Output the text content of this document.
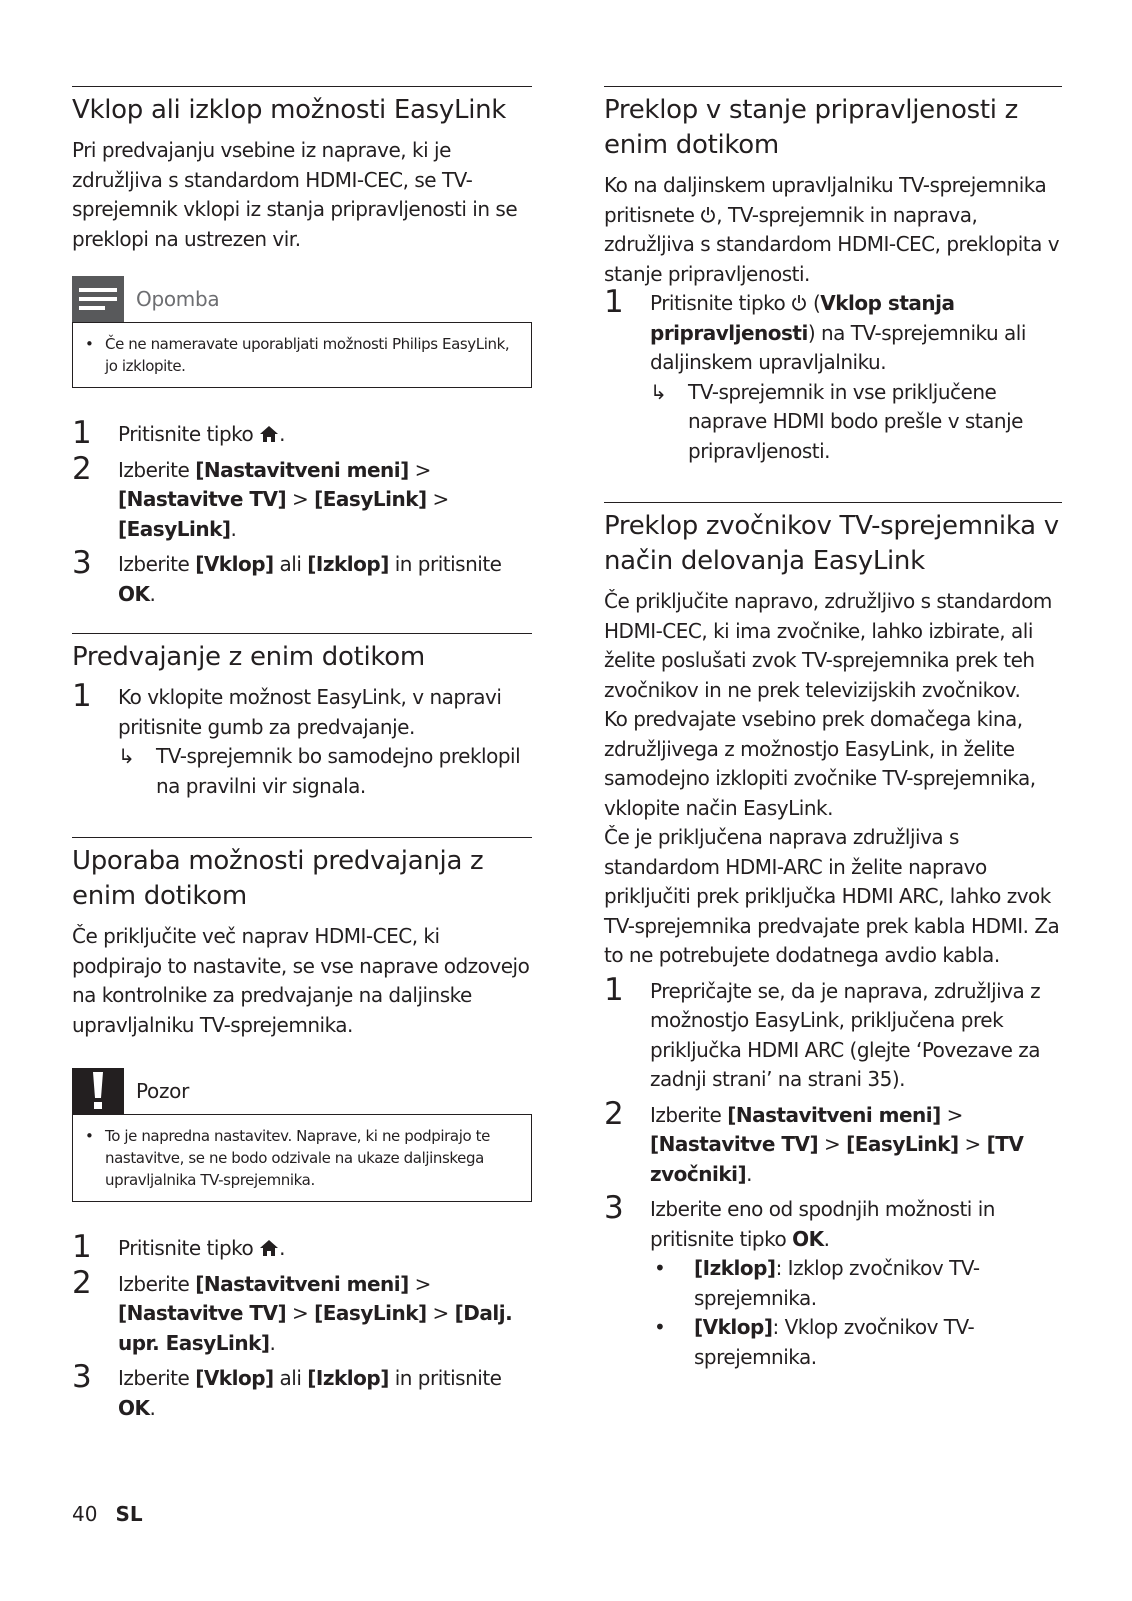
Vklop ali izklop možnosti EasyLink

Pri predvajanju vsebine iz naprave, ki je združljiva s standardom HDMI-CEC, se TV-sprejemnik vklopi iz stanja pripravljenosti in se preklopi na ustrezen vir.

Opomba
• Če ne nameravate uporabljati možnosti Philips EasyLink, jo izklopite.
1 Pritisnite tipko .
2 Izberite [Nastavitveni meni] > [Nastavitve TV] > [EasyLink] > [EasyLink].
3 Izberite [Vklop] ali [Izklop] in pritisnite OK.
Predvajanje z enim dotikom
1 Ko vklopite možnost EasyLink, v napravi pritisnite gumb za predvajanje.
↳ TV-sprejemnik bo samodejno preklopil na pravilni vir signala.
Uporaba možnosti predvajanja z enim dotikom

Če priključite več naprav HDMI-CEC, ki podpirajo to nastavite, se vse naprave odzovejo na kontrolnike za predvajanje na daljinske upravljalniku TV-sprejemnika.

Pozor
• To je napredna nastavitev. Naprave, ki ne podpirajo te nastavitve, se ne bodo odzivale na ukaze daljinskega upravljalnika TV-sprejemnika.
1 Pritisnite tipko .
2 Izberite [Nastavitveni meni] > [Nastavitve TV] > [EasyLink] > [Dalj. upr. EasyLink].
3 Izberite [Vklop] ali [Izklop] in pritisnite OK.
Preklop v stanje pripravljenosti z enim dotikom

Ko na daljinskem upravljalniku TV-sprejemnika pritisnete , TV-sprejemnik in naprava, združljiva s standardom HDMI-CEC, preklopita v stanje pripravljenosti.

1 Pritisnite tipko (Vklop stanja pripravljenosti) na TV-sprejemniku ali daljinskem upravljalniku.
↳ TV-sprejemnik in vse priključene naprave HDMI bodo prešle v stanje pripravljenosti.
Preklop zvočnikov TV-sprejemnika v način delovanja EasyLink

Če priključite napravo, združljivo s standardom HDMI-CEC, ki ima zvočnike, lahko izbirate, ali želite poslušati zvok TV-sprejemnika prek teh zvočnikov in ne prek televizijskih zvočnikov.

Ko predvajate vsebino prek domačega kina, združljivega z možnostjo EasyLink, in želite samodejno izklopiti zvočnike TV-sprejemnika, vklopite način EasyLink.

Če je priključena naprava združljiva s standardom HDMI-ARC in želite napravo priključiti prek priključka HDMI ARC, lahko zvok TV-sprejemnika predvajate prek kabla HDMI. Za to ne potrebujete dodatnega avdio kabla.

1 Prepričajte se, da je naprava, združljiva z možnostjo EasyLink, priključena prek priključka HDMI ARC (glejte ‘Povezave za zadnji strani’ na strani 35).
2 Izberite [Nastavitveni meni] > [Nastavitve TV] > [EasyLink] > [TV zvočniki].
3 Izberite eno od spodnjih možnosti in pritisnite tipko OK.
• [Izklop]: Izklop zvočnikov TV-sprejemnika.
• [Vklop]: Vklop zvočnikov TV-sprejemnika.
40 SL
